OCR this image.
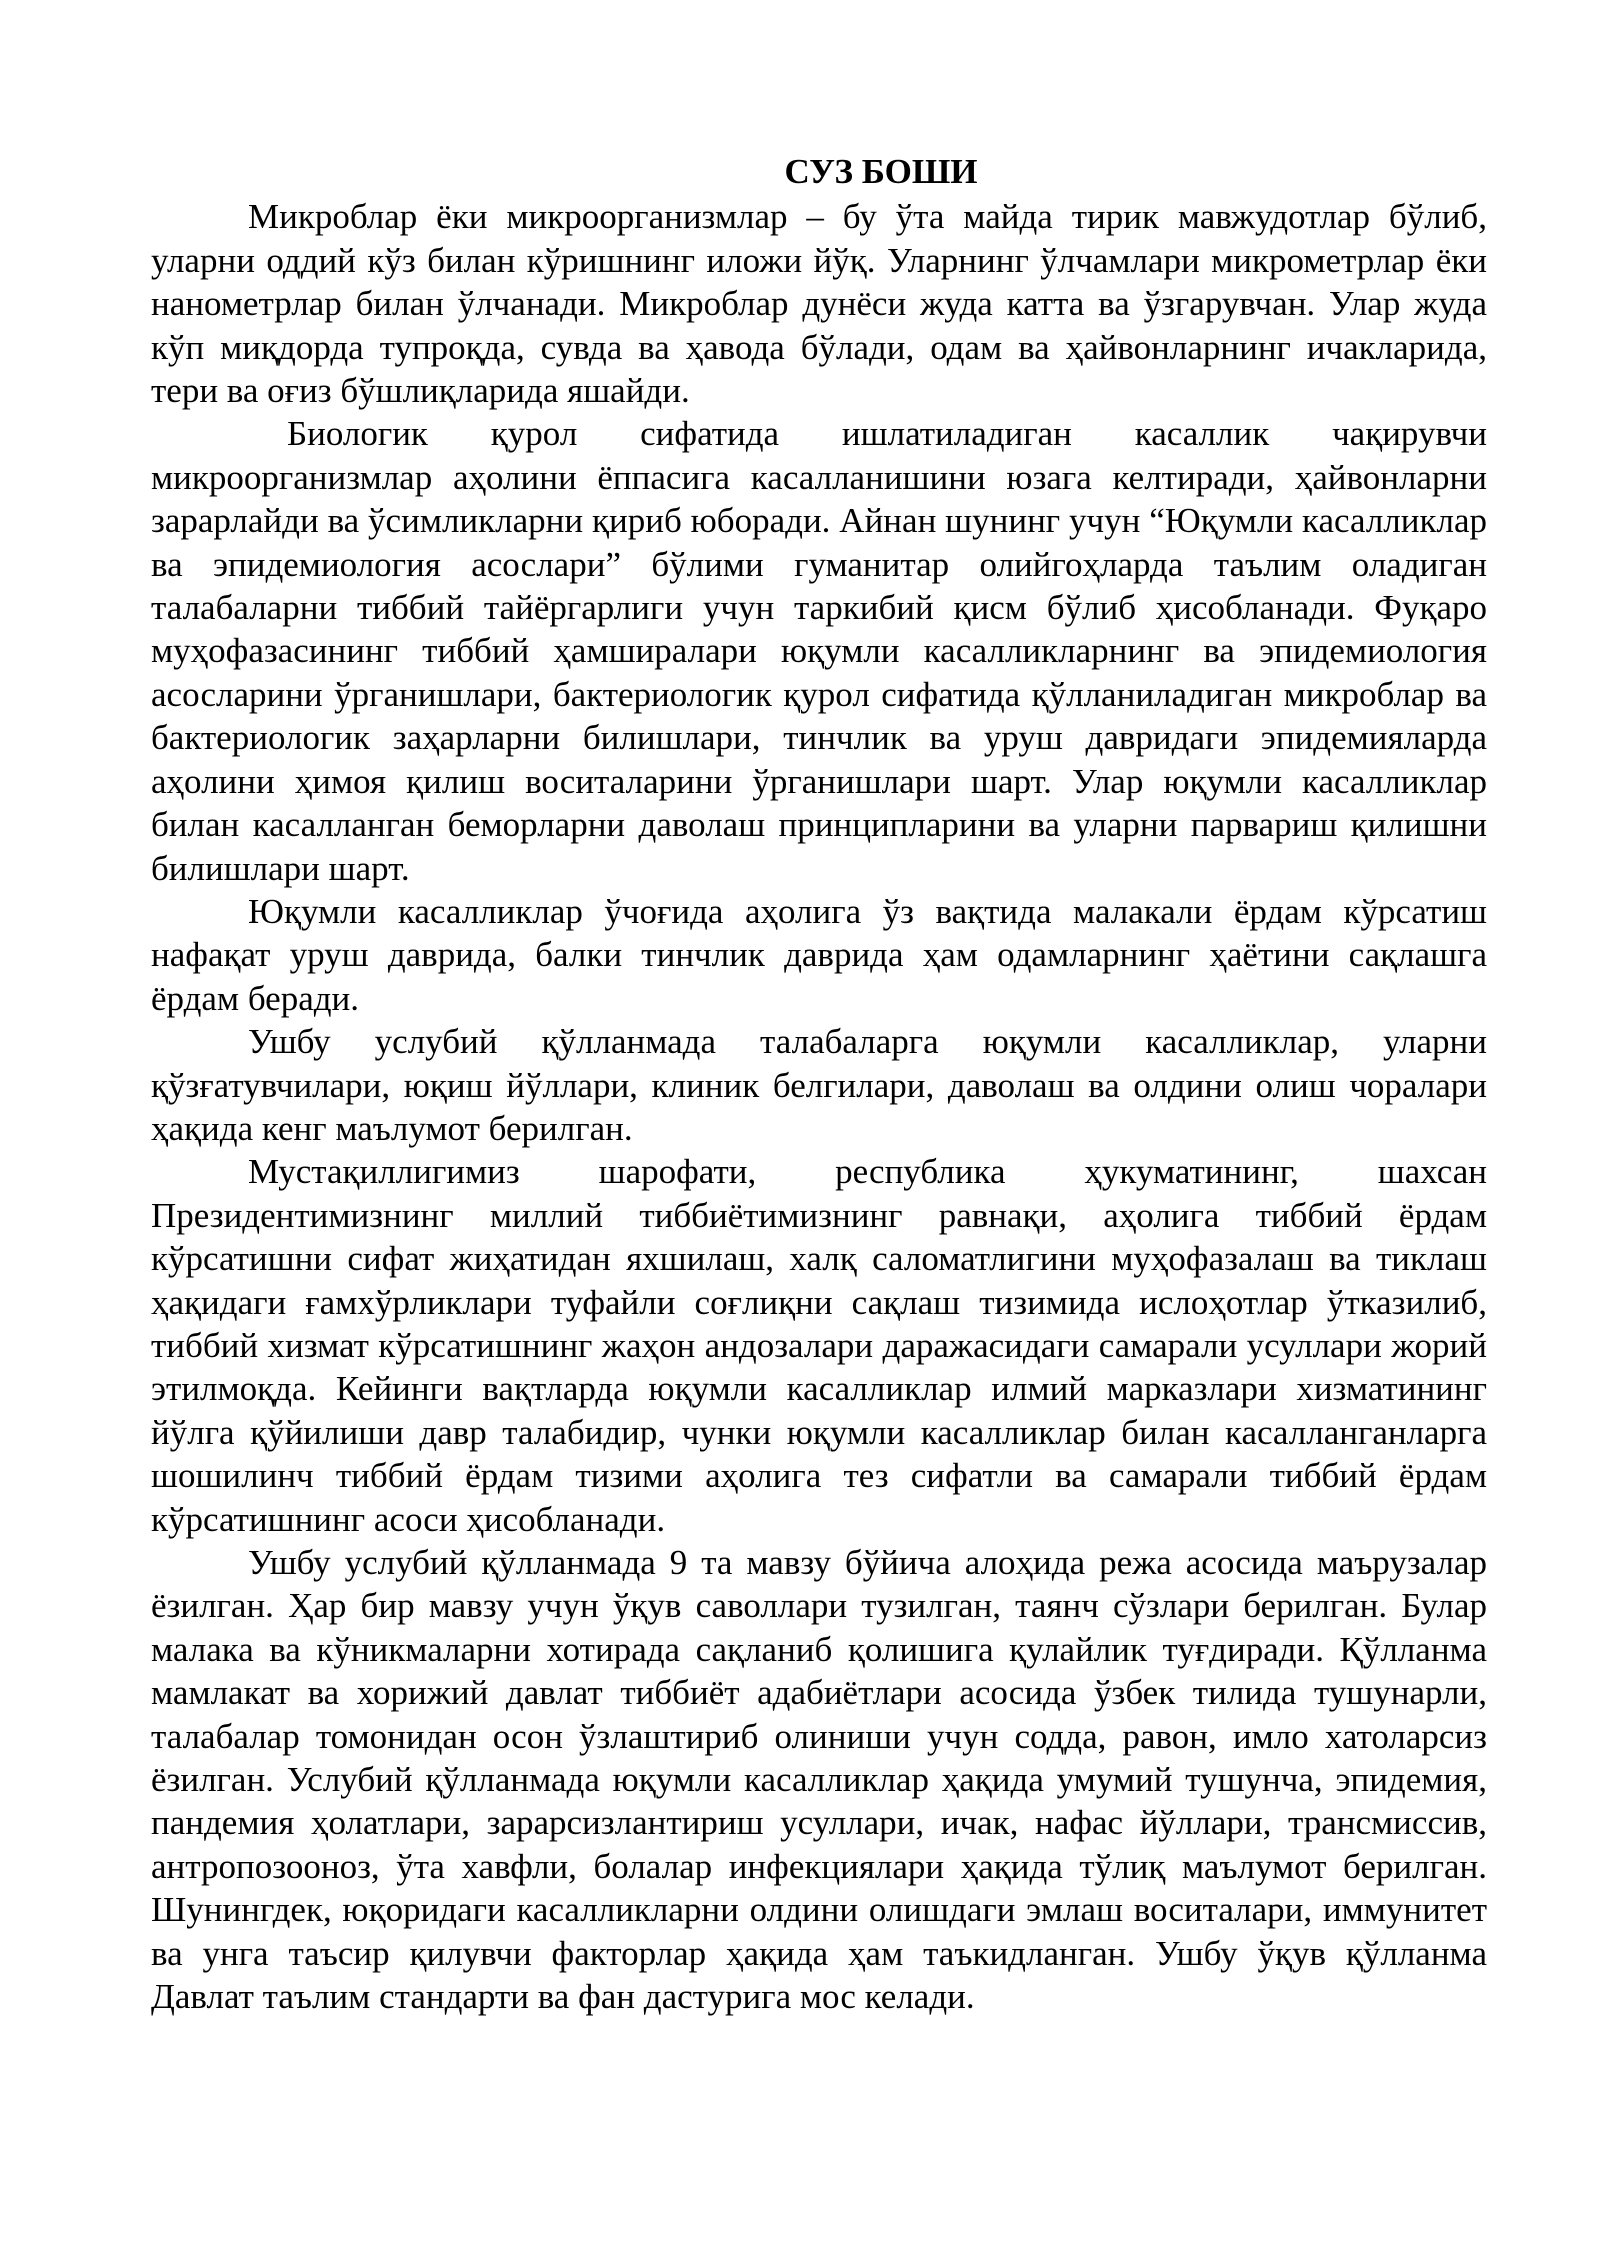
СУЗ БОШИ

Микроблар ёки микроорганизмлар – бу ўта майда тирик мавжудотлар бўлиб, уларни оддий кўз билан кўришнинг иложи йўқ. Уларнинг ўлчамлари микрометрлар ёки нанометрлар билан ўлчанади. Микроблар дунёси жуда катта ва ўзгарувчан. Улар жуда кўп миқдорда тупроқда, сувда ва ҳавода бўлади, одам ва ҳайвонларнинг ичакларида, тери ва оғиз бўшлиқларида яшайди.

Биологик қурол сифатида ишлатиладиган касаллик чақирувчи микроорганизмлар аҳолини ёппасига касалланишини юзага келтиради, ҳайвонларни зарарлайди ва ўсимликларни қириб юборади. Айнан шунинг учун “Юқумли касалликлар ва эпидемиология асослари” бўлими гуманитар олийгоҳларда таълим оладиган талабаларни тиббий тайёргарлиги учун таркибий қисм бўлиб ҳисобланади. Фуқаро муҳофазасининг тиббий ҳамширалари юқумли касалликларнинг ва эпидемиология асосларини ўрганишлари, бактериологик қурол сифатида қўлланиладиган микроблар ва бактериологик заҳарларни билишлари, тинчлик ва уруш давридаги эпидемияларда аҳолини ҳимоя қилиш воситаларини ўрганишлари шарт. Улар юқумли касалликлар билан касалланган беморларни даволаш принципларини ва уларни парвариш қилишни билишлари шарт.

Юқумли касалликлар ўчоғида аҳолига ўз вақтида малакали ёрдам кўрсатиш нафақат уруш даврида, балки тинчлик даврида ҳам одамларнинг ҳаётини сақлашга ёрдам беради.

Ушбу услубий қўлланмада талабаларга юқумли касалликлар, уларни қўзғатувчилари, юқиш йўллари, клиник белгилари, даволаш ва олдини олиш чоралари ҳақида кенг маълумот берилган.

Мустақиллигимиз шарофати, республика ҳукуматининг, шахсан Президентимизнинг миллий тиббиётимизнинг равнақи, аҳолига тиббий ёрдам кўрсатишни сифат жиҳатидан яхшилаш, халқ саломатлигини муҳофазалаш ва тиклаш ҳақидаги ғамхўрликлари туфайли соғлиқни сақлаш тизимида ислоҳотлар ўтказилиб, тиббий хизмат кўрсатишнинг жаҳон андозалари даражасидаги самарали усуллари жорий этилмоқда. Кейинги вақтларда юқумли касалликлар илмий марказлари хизматининг йўлга қўйилиши давр талабидир, чунки юқумли касалликлар билан касалланганларга шошилинч тиббий ёрдам тизими аҳолига тез сифатли ва самарали тиббий ёрдам кўрсатишнинг асоси ҳисобланади.

Ушбу услубий қўлланмада 9 та мавзу бўйича алоҳида режа асосида маърузалар ёзилган. Ҳар бир мавзу учун ўқув саволлари тузилган, таянч сўзлари берилган. Булар малака ва кўникмаларни хотирада сақланиб қолишига қулайлик туғдиради. Қўлланма мамлакат ва хорижий давлат тиббиёт адабиётлари асосида ўзбек тилида тушунарли, талабалар томонидан осон ўзлаштириб олиниши учун содда, равон, имло хатоларсиз ёзилган. Услубий қўлланмада юқумли касалликлар ҳақида умумий тушунча, эпидемия, пандемия ҳолатлари, зарарсизлантириш усуллари, ичак, нафас йўллари, трансмиссив, антропозооноз, ўта хавфли, болалар инфекциялари ҳақида тўлиқ маълумот берилган. Шунингдек, юқоридаги касалликларни олдини олишдаги эмлаш воситалари, иммунитет ва унга таъсир қилувчи факторлар ҳақида ҳам таъкидланган. Ушбу ўқув қўлланма Давлат таълим стандарти ва фан дастурига мос келади.
